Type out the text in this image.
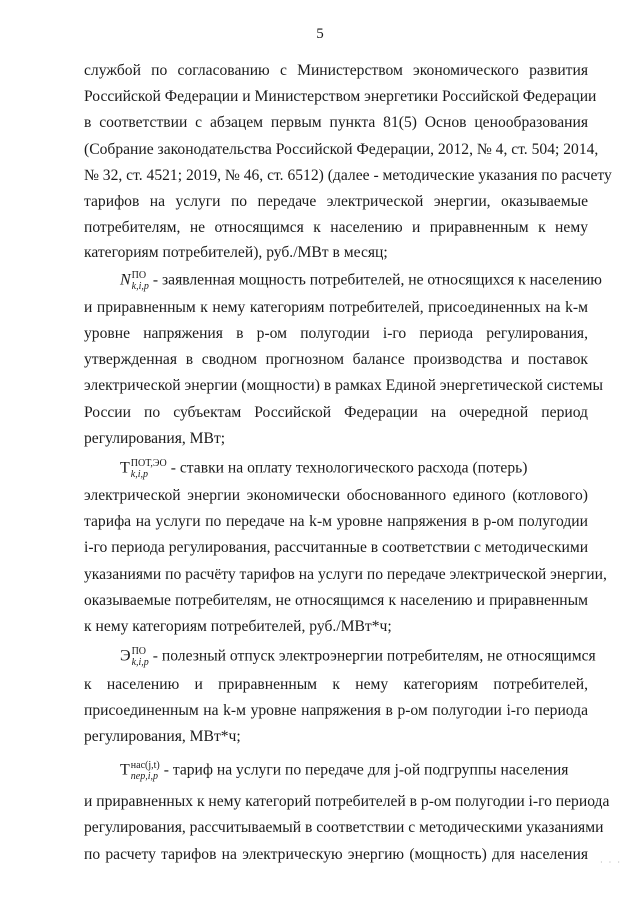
5
службой по согласованию с Министерством экономического развития
Российской Федерации и Министерством энергетики Российской Федерации
в соответствии с абзацем первым пункта 81(5) Основ ценообразования
(Собрание законодательства Российской Федерации, 2012, № 4, ст. 504; 2014,
№ 32, ст. 4521; 2019, № 46, ст. 6512) (далее - методические указания по расчету
тарифов на услуги по передаче электрической энергии, оказываемые
потребителям, не относящимся к населению и приравненным к нему
категориям потребителей), руб./МВт в месяц;
N ПО
k,i,p - заявленная мощность потребителей, не относящихся к населению
и приравненным к нему категориям потребителей, присоединенных на k-м
уровне напряжения в р-ом полугодии i-го периода регулирования,
утвержденная в сводном прогнозном балансе производства и поставок
электрической энергии (мощности) в рамках Единой энергетической системы
России по субъектам Российской Федерации на очередной период
регулирования, МВт;
Т ПОТ,ЭО
k,i,p	- ставки на оплату технологического расхода (потерь)
электрической энергии экономически обоснованного единого (котлового)
тарифа на услуги по передаче на k-м уровне напряжения в р-ом полугодии
i-го периода регулирования, рассчитанные в соответствии с методическими
указаниями по расчёту тарифов на услуги по передаче электрической энергии,
оказываемые потребителям, не относящимся к населению и приравненным
к нему категориям потребителей, руб./МВт*ч;
Э ПО
k,i,p - полезный отпуск электроэнергии потребителям, не относящимся
к населению и приравненным к нему категориям потребителей,
присоединенным на k-м уровне напряжения в р-ом полугодии i-го периода
регулирования, МВт*ч;
Т нас(j,t)
пер,i,p - тариф на услуги по передаче для j-ой подгруппы населения
и приравненных к нему категорий потребителей в р-ом полугодии i-го периода
регулирования, рассчитываемый в соответствии с методическими указаниями
по расчету тарифов на электрическую энергию (мощность) для населения · · ·
